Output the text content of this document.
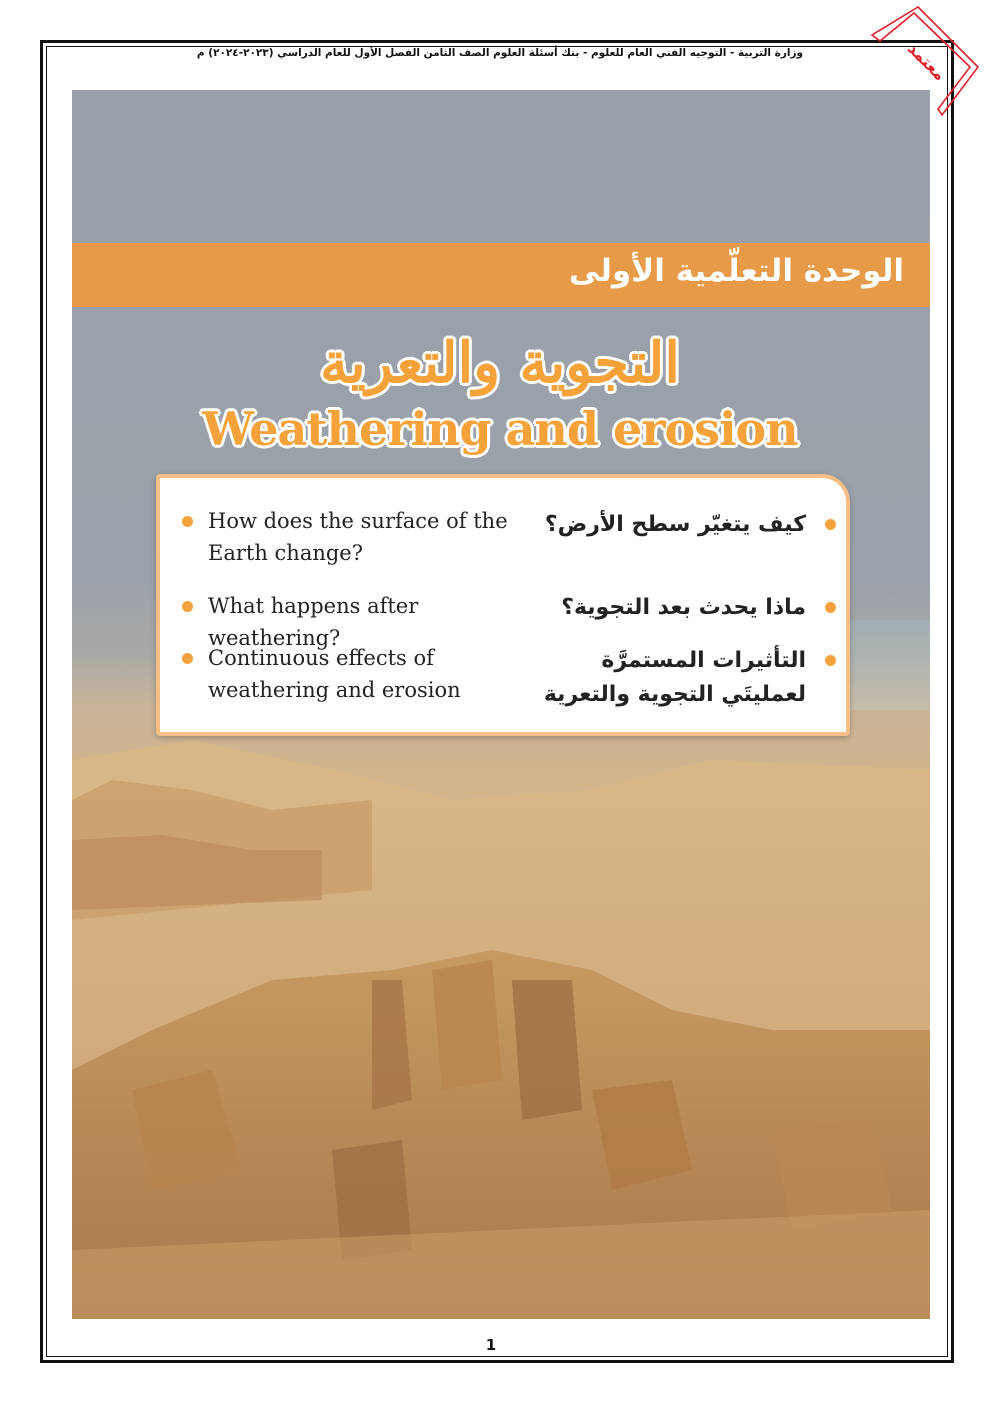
وزارة التربية - التوجيه الفني العام للعلوم - بنك أسئلة العلوم الصف الثامن الفصل الأول للعام الدراسي (٢٠٢٣-٢٠٢٤) م	معتمد
الوحدة التعلّمية الأولى
التجوية والتعرية
Weathering and erosion
How does the surface of the Earth change?
كيف يتغيّر سطح الأرض؟
What happens after weathering?
ماذا يحدث بعد التجوية؟
Continuous effects of weathering and erosion
التأثيرات المستمرَّة لعمليتَي التجوية والتعرية
1
